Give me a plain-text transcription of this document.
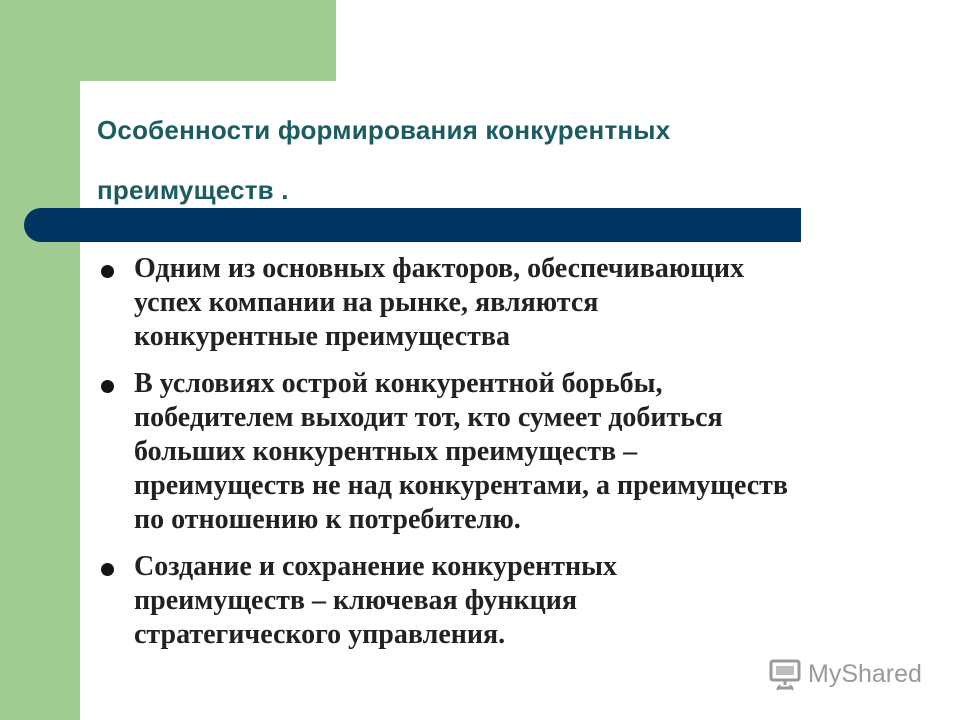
Особенности формирования конкурентных
преимуществ .
Одним из основных факторов, обеспечивающих
успех компании на рынке, являются
конкурентные преимущества
В условиях острой конкурентной борьбы,
победителем выходит тот, кто сумеет добиться
больших конкурентных преимуществ –
преимуществ не над конкурентами, а преимуществ
по отношению к потребителю.
Создание и сохранение конкурентных
преимуществ – ключевая функция
стратегического управления.
MyShared
